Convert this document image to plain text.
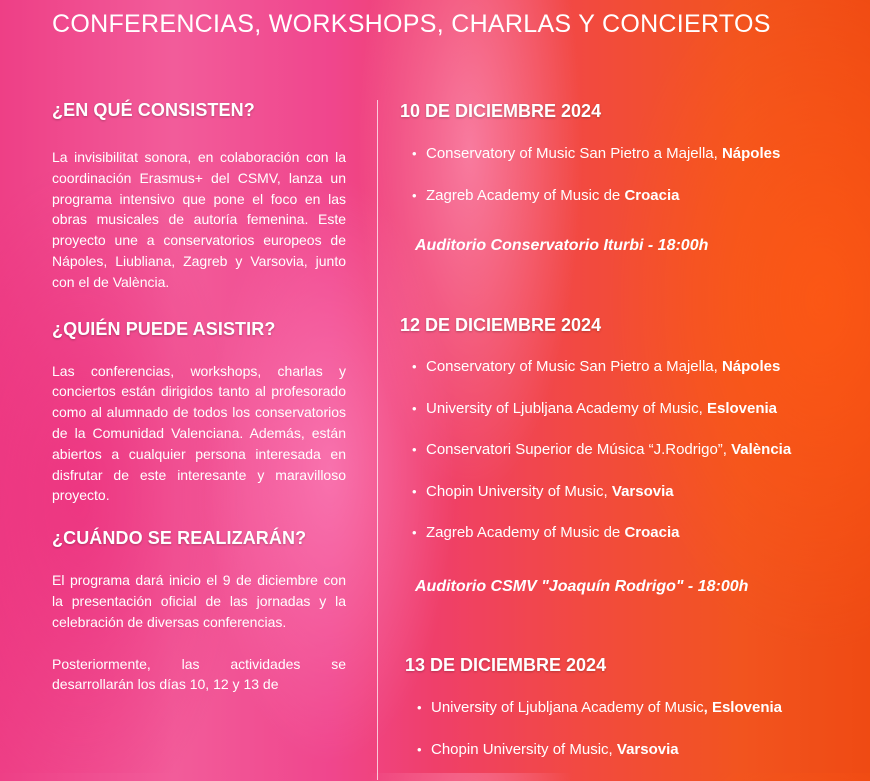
CONFERENCIAS, WORKSHOPS, CHARLAS Y CONCIERTOS
¿EN QUÉ CONSISTEN?

La invisibilitat sonora, en colaboración con la coordinación Erasmus+ del CSMV, lanza un programa intensivo que pone el foco en las obras musicales de autoría femenina. Este proyecto une a conservatorios europeos de Nápoles, Liubliana, Zagreb y Varsovia, junto con el de València.

¿QUIÉN PUEDE ASISTIR?

Las conferencias, workshops, charlas y conciertos están dirigidos tanto al profesorado como al alumnado de todos los conservatorios de la Comunidad Valenciana. Además, están abiertos a cualquier persona interesada en disfrutar de este interesante y maravilloso proyecto.

¿CUÁNDO SE REALIZARÁN?

El programa dará inicio el 9 de diciembre con la presentación oficial de las jornadas y la celebración de diversas conferencias.

Posteriormente, las actividades se desarrollarán los días 10, 12 y 13 de

10 DE DICIEMBRE 2024
• Conservatory of Music San Pietro a Majella, Nápoles
• Zagreb Academy of Music de Croacia

Auditorio Conservatorio Iturbi - 18:00h

12 DE DICIEMBRE 2024
• Conservatory of Music San Pietro a Majella, Nápoles
• University of Ljubljana Academy of Music, Eslovenia
• Conservatori Superior de Música “J.Rodrigo”, València
• Chopin University of Music, Varsovia
• Zagreb Academy of Music de Croacia

Auditorio CSMV "Joaquín Rodrigo" - 18:00h

13 DE DICIEMBRE 2024
• University of Ljubljana Academy of Music, Eslovenia
• Chopin University of Music, Varsovia
